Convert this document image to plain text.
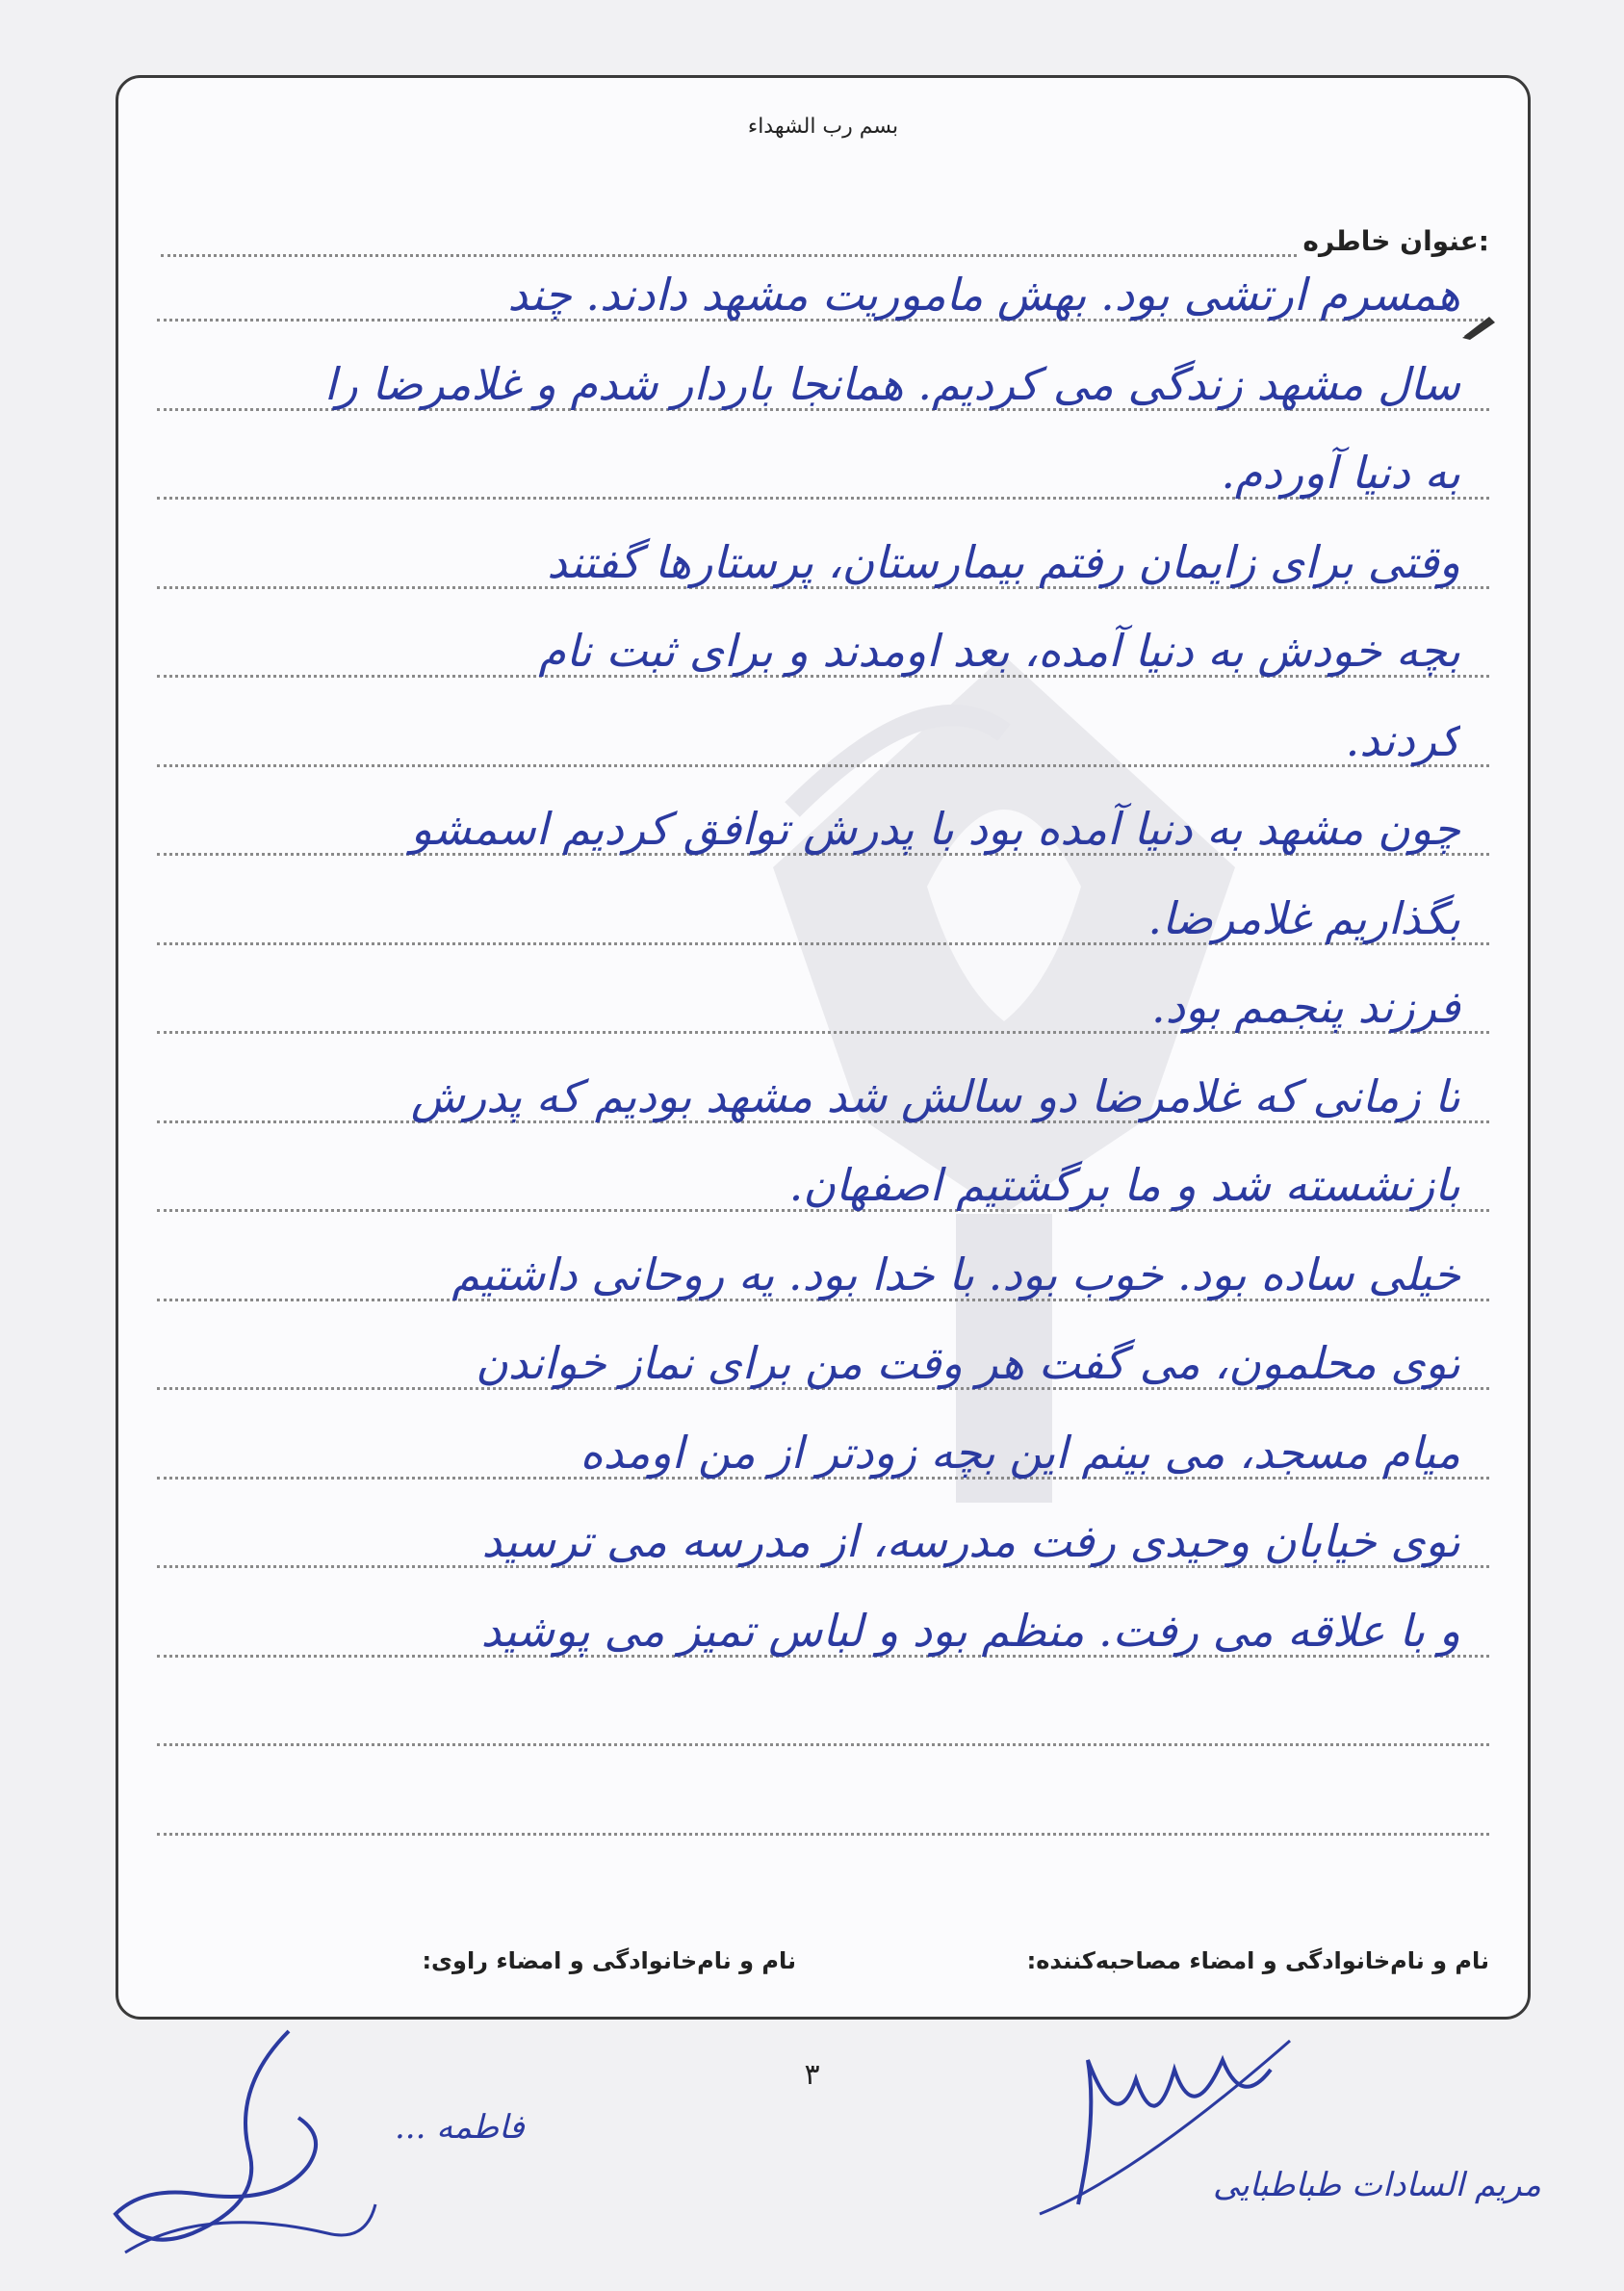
بسم رب الشهداء
عنوان خاطره:
همسرم ارتشی بود. بهش ماموریت مشهد دادند. چند
سال مشهد زندگی می کردیم. همانجا باردار شدم و غلامرضا را
به دنیا آوردم.
وقتی برای زایمان رفتم بیمارستان، پرستارها گفتند
بچه خودش به دنیا آمده، بعد اومدند و برای ثبت نام
کردند.
چون مشهد به دنیا آمده بود با پدرش توافق کردیم اسمشو
بگذاریم غلامرضا.
فرزند پنجمم بود.
تا زمانی که غلامرضا دو سالش شد مشهد بودیم که پدرش
بازنشسته شد و ما برگشتیم اصفهان.
خیلی ساده بود. خوب بود. با خدا بود. یه روحانی داشتیم
توی محلمون، می گفت هر وقت من برای نماز خواندن
میام مسجد، می بینم این بچه زودتر از من اومده
توی خیابان وحیدی رفت مدرسه، از مدرسه می ترسید
و با علاقه می رفت. منظم بود و لباس تمیز می پوشید
نام و نام‌خانوادگی و امضاء مصاحبه‌کننده:
نام و نام‌خانوادگی و امضاء راوی:
۳
فاطمه ...
مریم السادات طباطبایی
